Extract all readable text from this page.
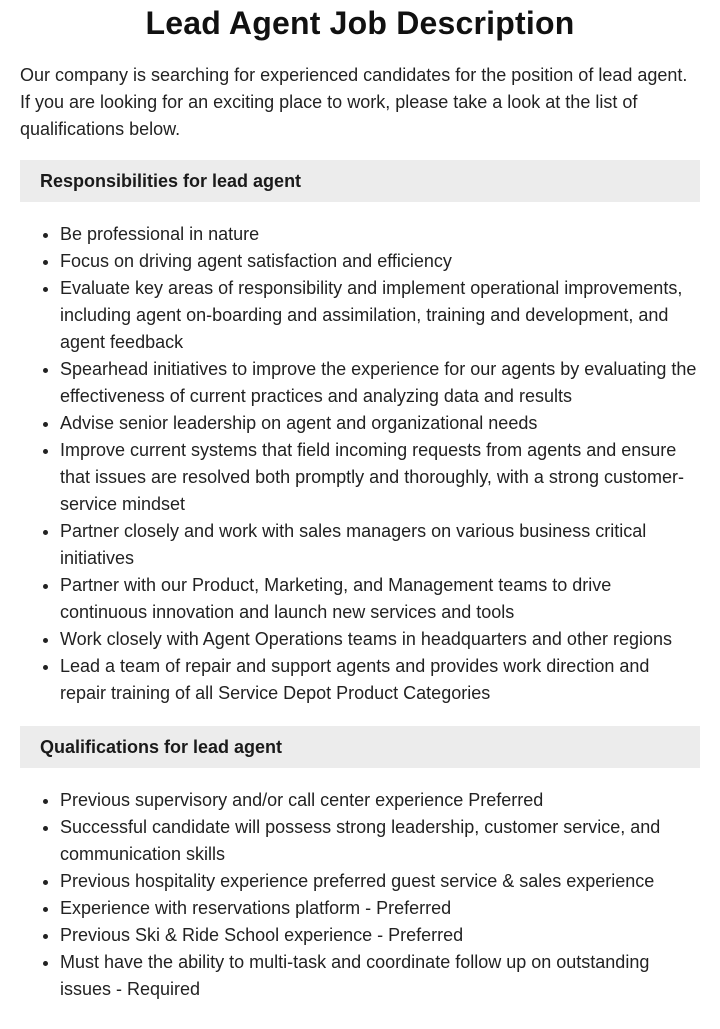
Lead Agent Job Description

Our company is searching for experienced candidates for the position of lead agent. If you are looking for an exciting place to work, please take a look at the list of qualifications below.

Responsibilities for lead agent
• Be professional in nature
• Focus on driving agent satisfaction and efficiency
• Evaluate key areas of responsibility and implement operational improvements, including agent on-boarding and assimilation, training and development, and agent feedback
• Spearhead initiatives to improve the experience for our agents by evaluating the effectiveness of current practices and analyzing data and results
• Advise senior leadership on agent and organizational needs
• Improve current systems that field incoming requests from agents and ensure that issues are resolved both promptly and thoroughly, with a strong customer-service mindset
• Partner closely and work with sales managers on various business critical initiatives
• Partner with our Product, Marketing, and Management teams to drive continuous innovation and launch new services and tools
• Work closely with Agent Operations teams in headquarters and other regions
• Lead a team of repair and support agents and provides work direction and repair training of all Service Depot Product Categories
Qualifications for lead agent
• Previous supervisory and/or call center experience Preferred
• Successful candidate will possess strong leadership, customer service, and communication skills
• Previous hospitality experience preferred guest service & sales experience
• Experience with reservations platform - Preferred
• Previous Ski & Ride School experience - Preferred
• Must have the ability to multi-task and coordinate follow up on outstanding issues - Required
